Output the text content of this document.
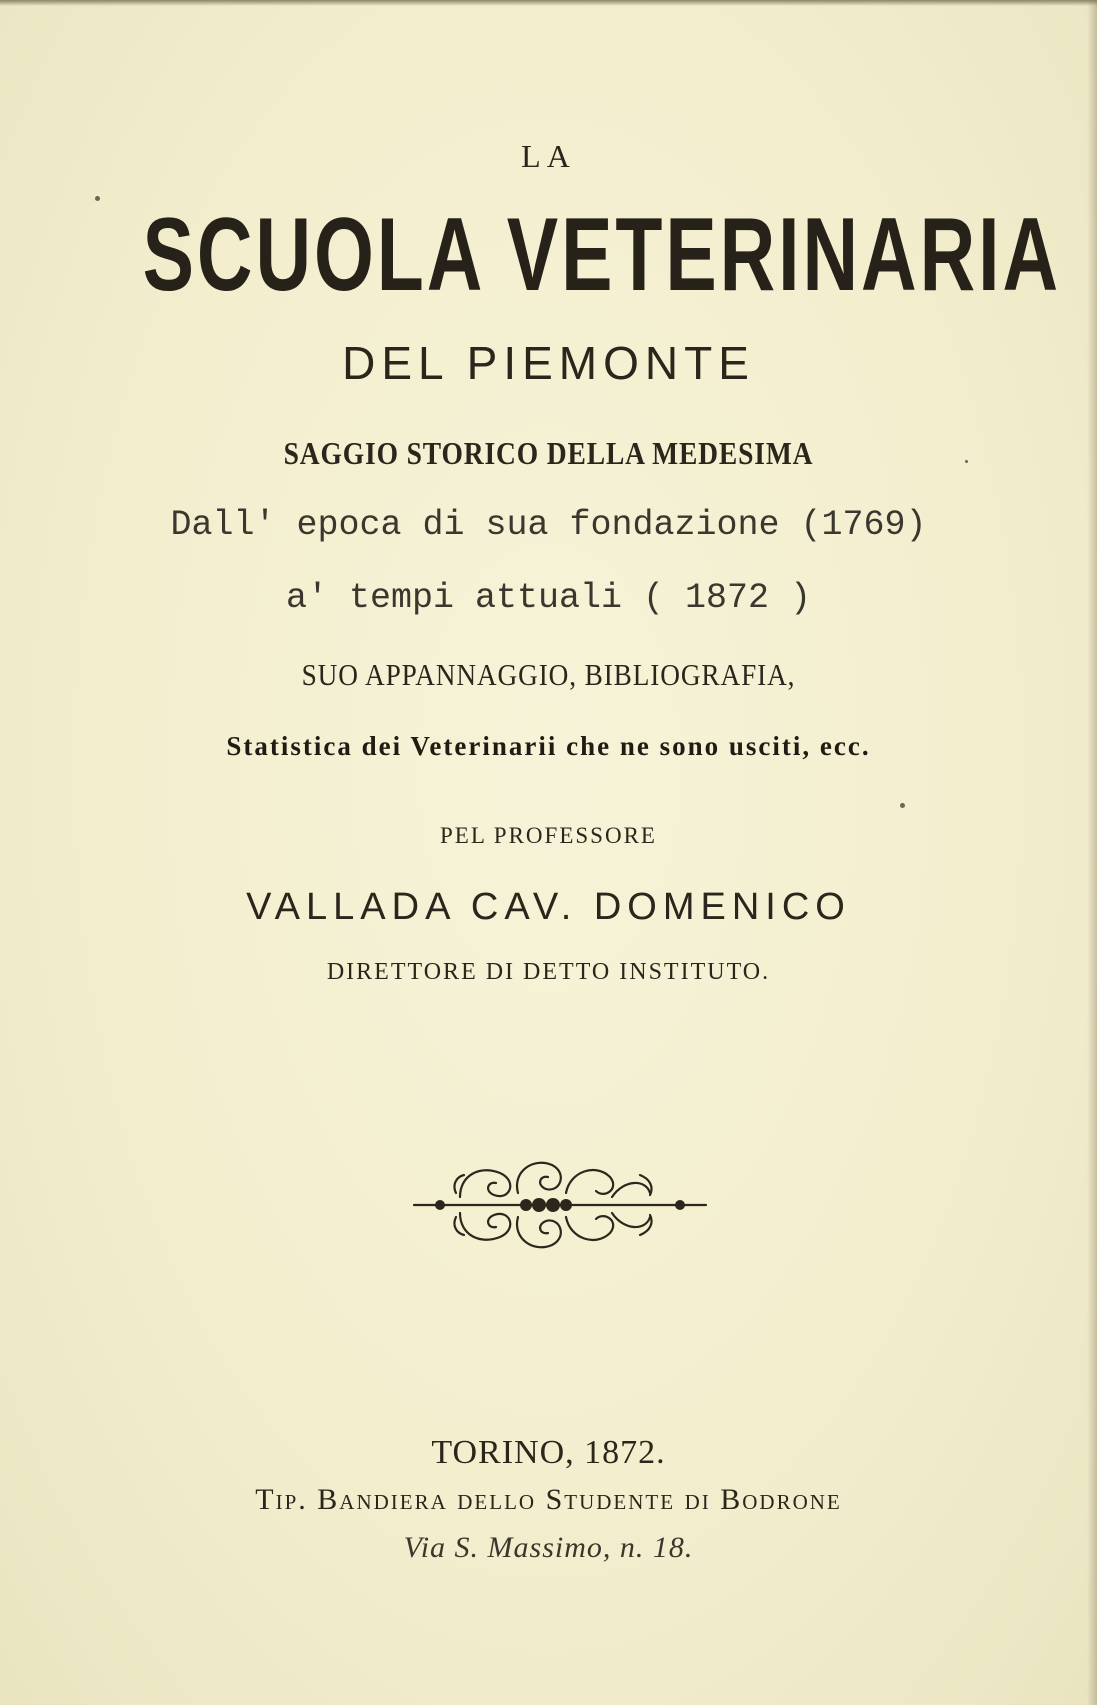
LA
SCUOLA VETERINARIA
DEL PIEMONTE
SAGGIO STORICO DELLA MEDESIMA
Dall' epoca di sua fondazione (1769)
a' tempi attuali ( 1872 )
SUO APPANNAGGIO, BIBLIOGRAFIA,
Statistica dei Veterinarii che ne sono usciti, ecc.
PEL PROFESSORE
VALLADA CAV. DOMENICO
DIRETTORE DI DETTO INSTITUTO.
TORINO, 1872.
Tip. Bandiera dello Studente di Bodrone
Via S. Massimo, n. 18.
